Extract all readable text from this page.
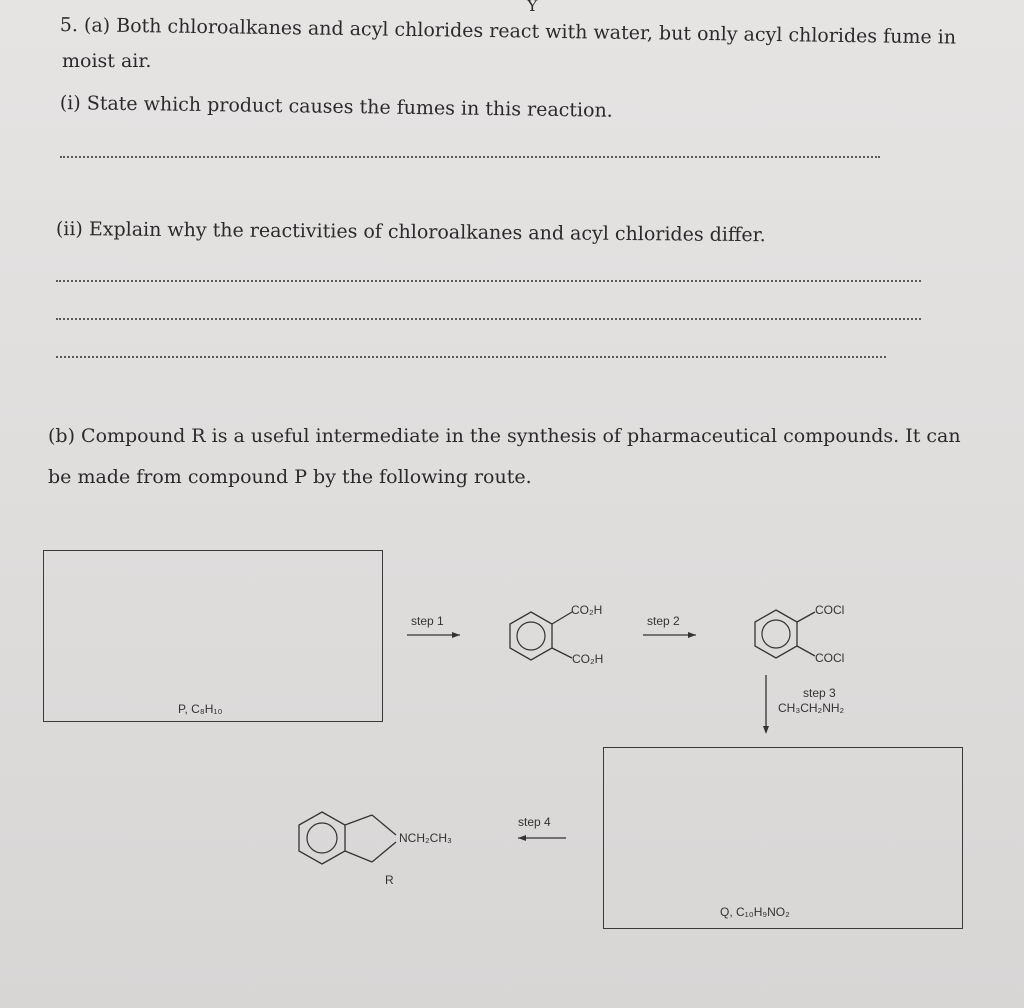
Y
5. (a) Both chloroalkanes and acyl chlorides react with water, but only acyl chlorides fume in
moist air.
(i) State which product causes the fumes in this reaction.
(ii) Explain why the reactivities of chloroalkanes and acyl chlorides differ.
(b) Compound R is a useful intermediate in the synthesis of pharmaceutical compounds. It can
be made from compound P by the following route.
P, C₈H₁₀
Q, C₁₀H₉NO₂
step 1
CO₂H
CO₂H
step 2
COCl
COCl
step 3
CH₃CH₂NH₂
step 4
NCH₂CH₃
R
